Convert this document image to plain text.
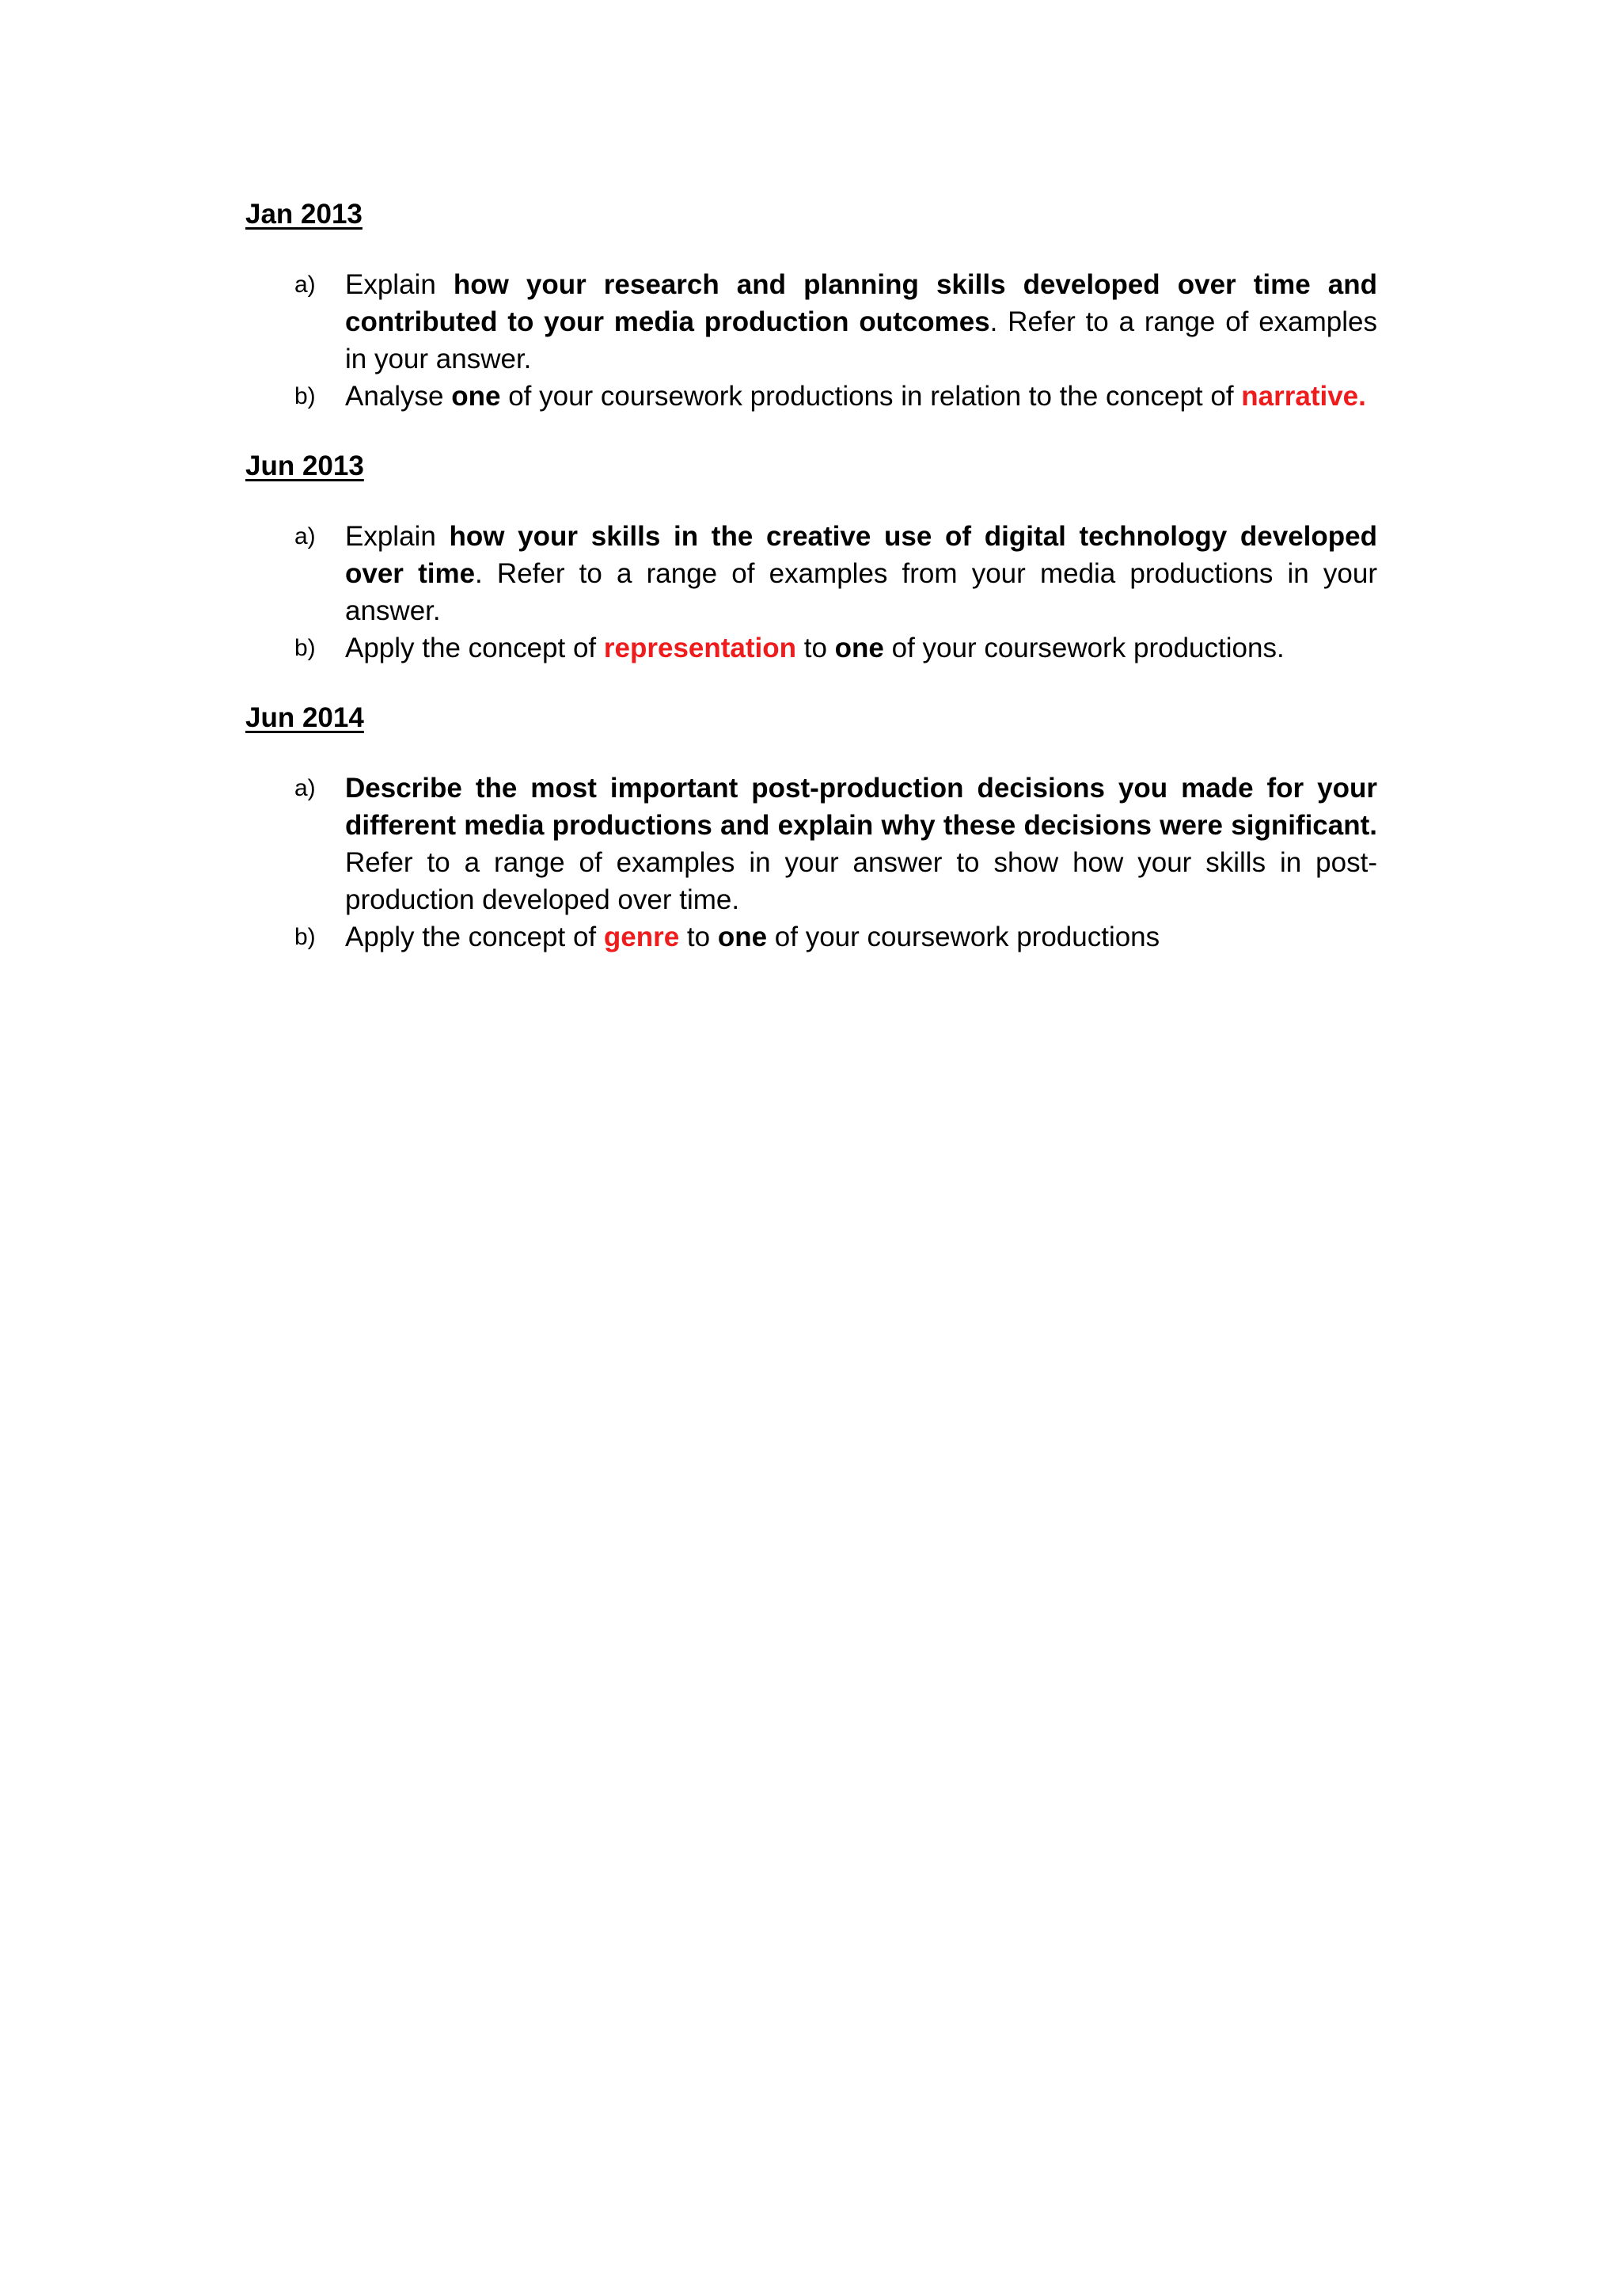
Jan 2013
a) Explain how your research and planning skills developed over time and contributed to your media production outcomes. Refer to a range of examples in your answer.
b) Analyse one of your coursework productions in relation to the concept of narrative.
Jun 2013
a) Explain how your skills in the creative use of digital technology developed over time. Refer to a range of examples from your media productions in your answer.
b) Apply the concept of representation to one of your coursework productions.
Jun 2014
a) Describe the most important post-production decisions you made for your different media productions and explain why these decisions were significant. Refer to a range of examples in your answer to show how your skills in post-production developed over time.
b) Apply the concept of genre to one of your coursework productions
